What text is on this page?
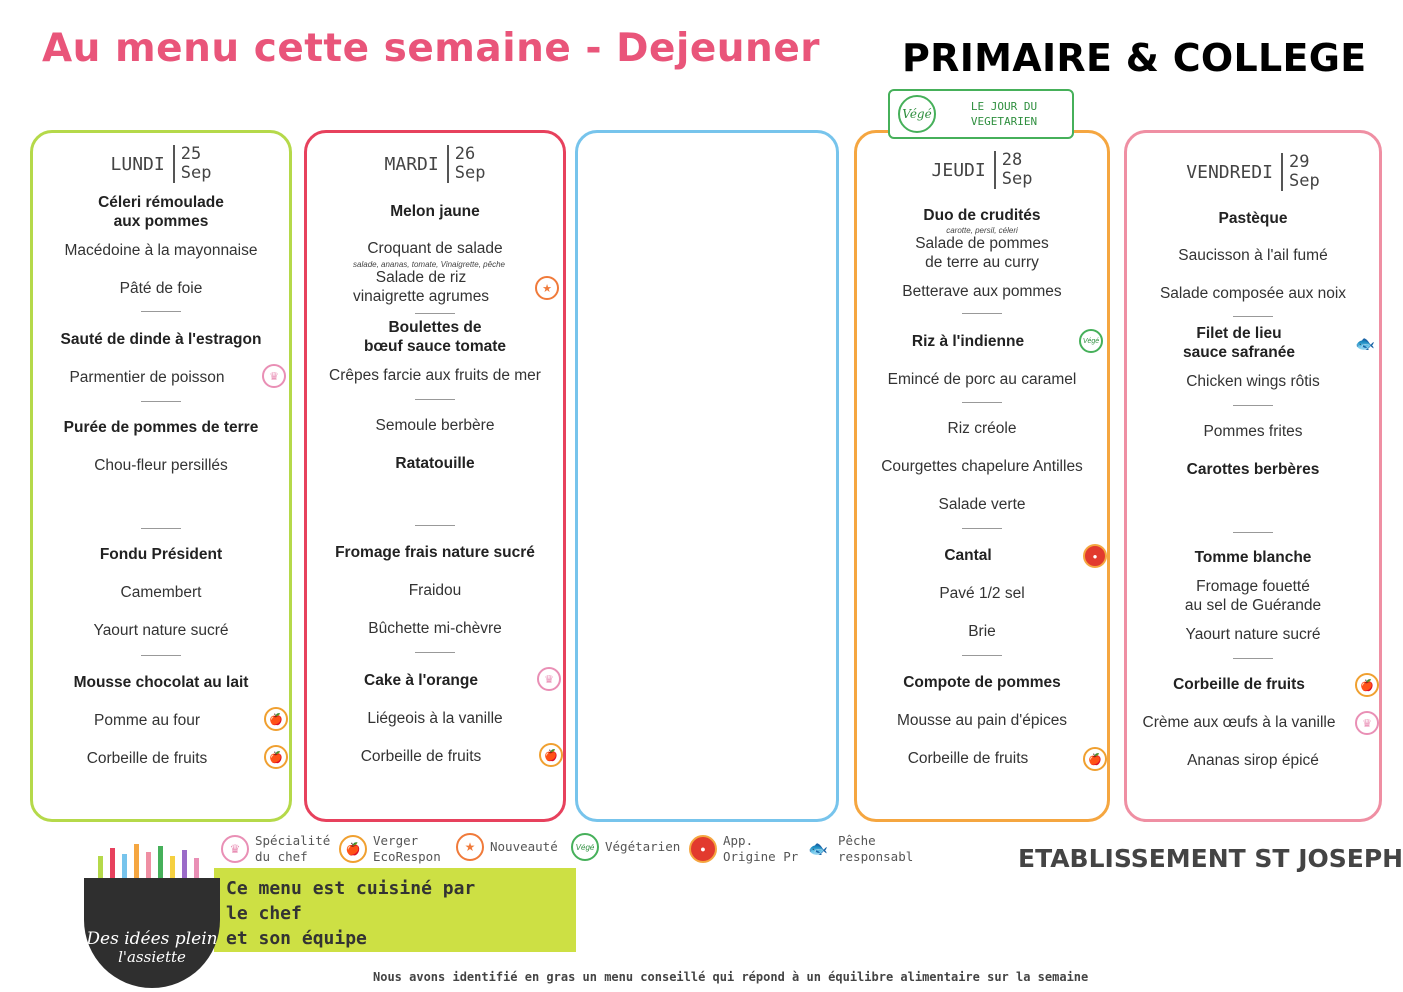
Au menu cette semaine - Dejeuner PRIMAIRE & COLLEGE
Végé
LE JOUR DU
VEGETARIEN
LUNDI 25
Sep
Céleri rémoulade
aux pommes
Macédoine à la mayonnaise
Pâté de foie
Sauté de dinde à l'estragon
Parmentier de poisson	♛
Purée de pommes de terre
Chou-fleur persillés
Fondu Président
Camembert
Yaourt nature sucré
Mousse chocolat au lait
Pomme au four	🍎
Corbeille de fruits	🍎
MARDI 26
Sep
Melon jaune
Croquant de salade
salade, ananas, tomate, Vinaigrette, pêche
Salade de riz
vinaigrette agrumes	★
Boulettes de
bœuf sauce tomate
Crêpes farcie aux fruits de mer
Semoule berbère
Ratatouille
Fromage frais nature sucré
Fraidou
Bûchette mi-chèvre
Cake à l'orange	♛
Liégeois à la vanille
Corbeille de fruits	🍎
JEUDI 28
Sep
Duo de crudités
carotte, persil, céleri
Salade de pommes
de terre au curry
Betterave aux pommes
Riz à l'indienne	Végé
Emincé de porc au caramel
Riz créole
Courgettes chapelure Antilles
Salade verte
Cantal	●
Pavé 1/2 sel
Brie
Compote de pommes
Mousse au pain d'épices
Corbeille de fruits	🍎
VENDREDI 29
Sep
Pastèque
Saucisson à l'ail fumé
Salade composée aux noix
Filet de lieu
sauce safranée	🐟
Chicken wings rôtis
Pommes frites
Carottes berbères
Tomme blanche
Fromage fouetté
au sel de Guérande
Yaourt nature sucré
Corbeille de fruits	🍎
Crème aux œufs à la vanille	♛
Ananas sirop épicé
♛
Spécialité
du chef	🍎
Verger
EcoRespon
★	Nouveauté	Végé Végétarien	●
App.
Origine Pr 🐟
Pêche
responsabl	ETABLISSEMENT ST JOSEPH
Ce menu est cuisiné par
le chef
et son équipe
Des idées plein
l'assiette
Nous avons identifié en gras un menu conseillé qui répond à un équilibre alimentaire sur la semaine
